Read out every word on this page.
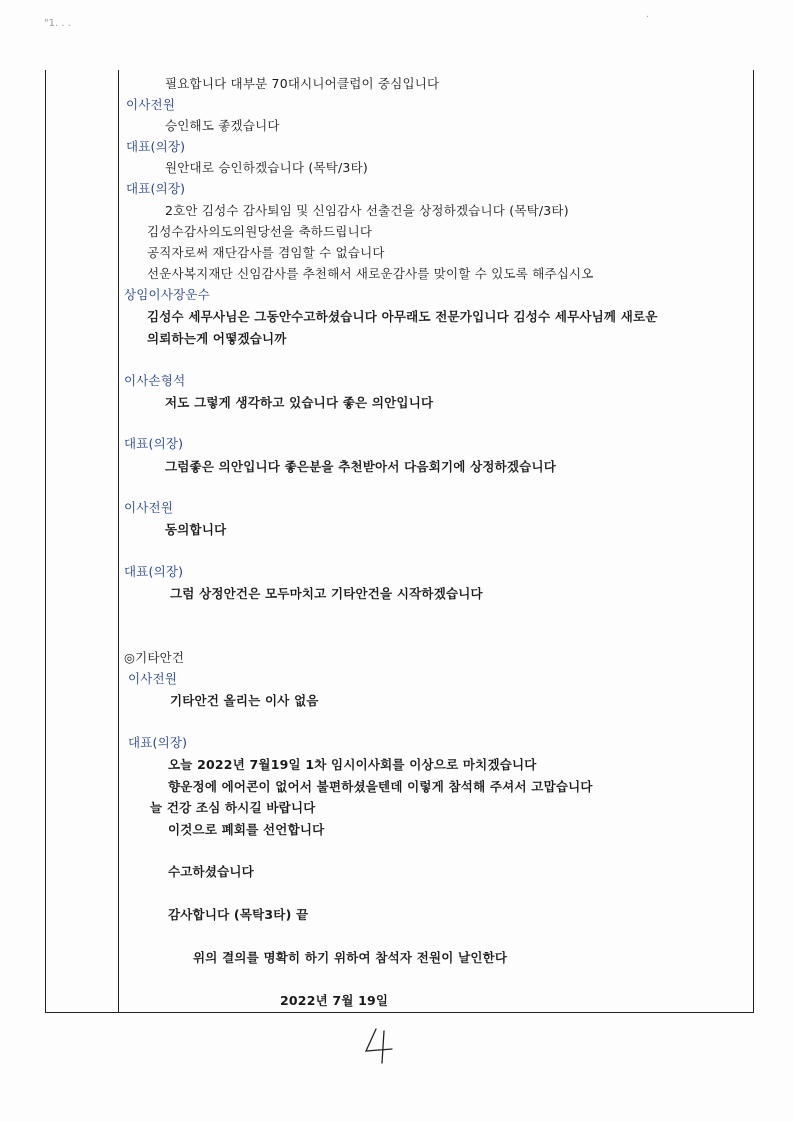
"1. . .
·
필요합니다 대부분 70대시니어클럽이 중심입니다
이사전원
승인해도 좋겠습니다
대표(의장)
원안대로 승인하겠습니다 (목탁/3타)
대표(의장)
2호안 김성수 감사퇴임 및 신임감사 선출건을 상정하겠습니다 (목탁/3타)
김성수감사의도의원당선을 축하드립니다
공직자로써 재단감사를 겸임할 수 없습니다
선운사복지재단 신임감사를 추천해서 새로운감사를 맞이할 수 있도록 해주십시오
상임이사장운수
김성수 세무사님은 그동안수고하셨습니다 아무래도 전문가입니다 김성수 세무사님께 새로운
의뢰하는게 어떻겠습니까
이사손형석
저도 그렇게 생각하고 있습니다 좋은 의안입니다
대표(의장)
그럼좋은 의안입니다 좋은분을 추천받아서 다음회기에 상정하겠습니다
이사전원
동의합니다
대표(의장)
그럼 상정안건은 모두마치고 기타안건을 시작하겠습니다
◎기타안건
이사전원
기타안건 올리는 이사 없음
대표(의장)
오늘 2022년 7월19일 1차 임시이사회를 이상으로 마치겠습니다
향운정에 에어콘이 없어서 불편하셨을텐데 이렇게 참석해 주셔서 고맙습니다
늘 건강 조심 하시길 바랍니다
이것으로 폐회를 선언합니다
수고하셨습니다
감사합니다 (목탁3타) 끝
위의 결의를 명확히 하기 위하여 참석자 전원이 날인한다
2022년 7월 19일
